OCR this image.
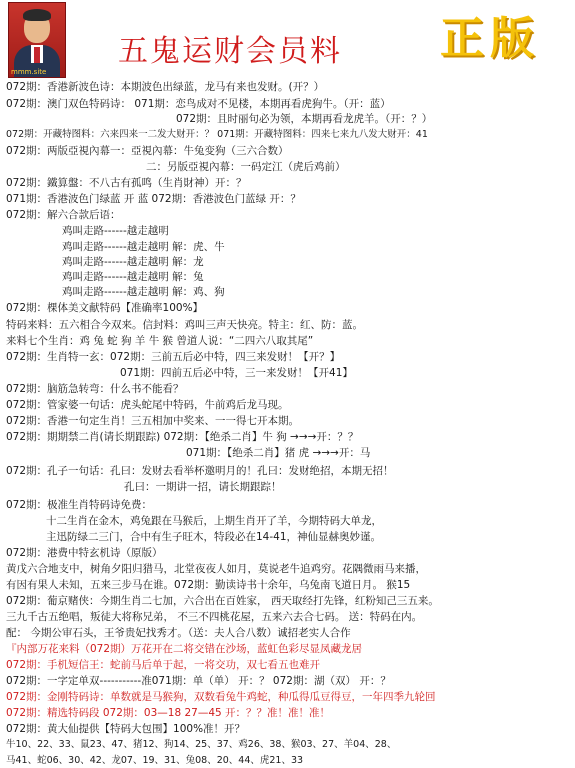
mmm.site
五鬼运财会员料 正版
072期：香港新波色诗：本期波色出绿蓝，龙马有来也发财。(开？）
072期：澳门双色特码诗： 071期：恋鸟成对不见楼，本期再看虎狗牛。（开：蓝）
072期：且时丽句必为领，本期再看龙虎羊。（开：？）
072期：开藏特图料：六来四来一二发大财开：？ 071期：开藏特图料：四来七来九八发大财开：41
072期：两版亞視內幕一：亞視內幕：牛兔变狗（三六合数）
二：另版亞視內幕：一码定江（虎后鸡前）
072期：鐵算盤：不八古有孤鸣（生肖財神）开：？
071期：香港波色门绿蓝 开 蓝 072期：香港波色门蓝绿 开：？
072期：解六合款后语：
鸡叫走路------越走越明
鸡叫走路------越走越明 解：虎、牛
鸡叫走路------越走越明 解：龙
鸡叫走路------越走越明 解：兔
鸡叫走路------越走越明 解：鸡、狗
072期：棵体美文献特码【准确率100%】
特码来料：五六相合今双来。信封料：鸡叫三声天快亮。特主：红、防：蓝。
来料七个生肖：鸡 兔 蛇 狗 羊 牛 猴 曾道人说：“二四六八取其尾”
072期：生肖特一玄：072期：三前五后必中特，四三来发财！【开？】
071期：四前五后必中特，三一来发财！【开41】
072期：脑筋急转弯：什么书不能看？
072期：管家婆一句话：虎头蛇尾中特码，牛前鸡后龙马现。
072期：香港一句定生肖！三五相加中奖来、一一得七开本期。
072期：期期禁二肖(请长期跟踪) 072期：【绝杀二肖】牛 狗 →→→开：？？
071期：【绝杀二肖】猪 虎 →→→开：马
072期：孔子一句话：孔曰：发财去看举杯邀明月的！孔曰：发财绝招，本期无招！
孔曰：一期讲一招，请长期跟踪！
072期：极准生肖特码诗免费：
十二生肖在金木，鸡兔跟在马猴后，上期生肖开了羊，今期特码大单龙，
主迅防绿二三门，合中有生子旺木，特段必在14-41，神仙显赫奥妙谨。
072期：港费中特玄机诗（原版）
黄戊六合地支中，树角夕阳归猎马，北堂夜夜人如月，莫说老牛追鸡穷。花隅微雨马来播，
有因有果人未知，五来三步马在谁。072期：勤读诗书十余年，乌兔南飞道日月。 猴15
072期：葡京赌侠：今期生肖二七加，六合出在百姓家， 西天取经打先锋，红粉知己三五来。
三九千古五绝唱，叛徒大将称兄弟， 不三不四桃花屋，五来六去合七码。 送：特码在内。
配： 今期公审石头，王爷贵妃找秀才。（送：夫人合八数）诚招老实人合作
『内部万花来料（072期）万花开在二将交错在沙场，蓝虹色彩尽显凤藏龙居
072期：手机短信王：蛇前马后单于起，一将交功，双七看五也难开
072期：一字定单双-----------准071期：单（单） 开：？ 072期：湖（双） 开：？
072期：金刚特码诗：单数就是马猴狗，双数看兔牛鸡蛇，种瓜得瓜豆得豆，一年四季九轮回
072期：精选特码段 072期：03—18 27—45 开：？？准！准！准！
072期：黄大仙提供【特码大包围】100%准！开？
牛10、22、33、鼠23、47、猪12、狗14、25、37、鸡26、38、猴03、27、羊04、28、
马41、蛇06、30、42、龙07、19、31、兔08、20、44、虎21、33
